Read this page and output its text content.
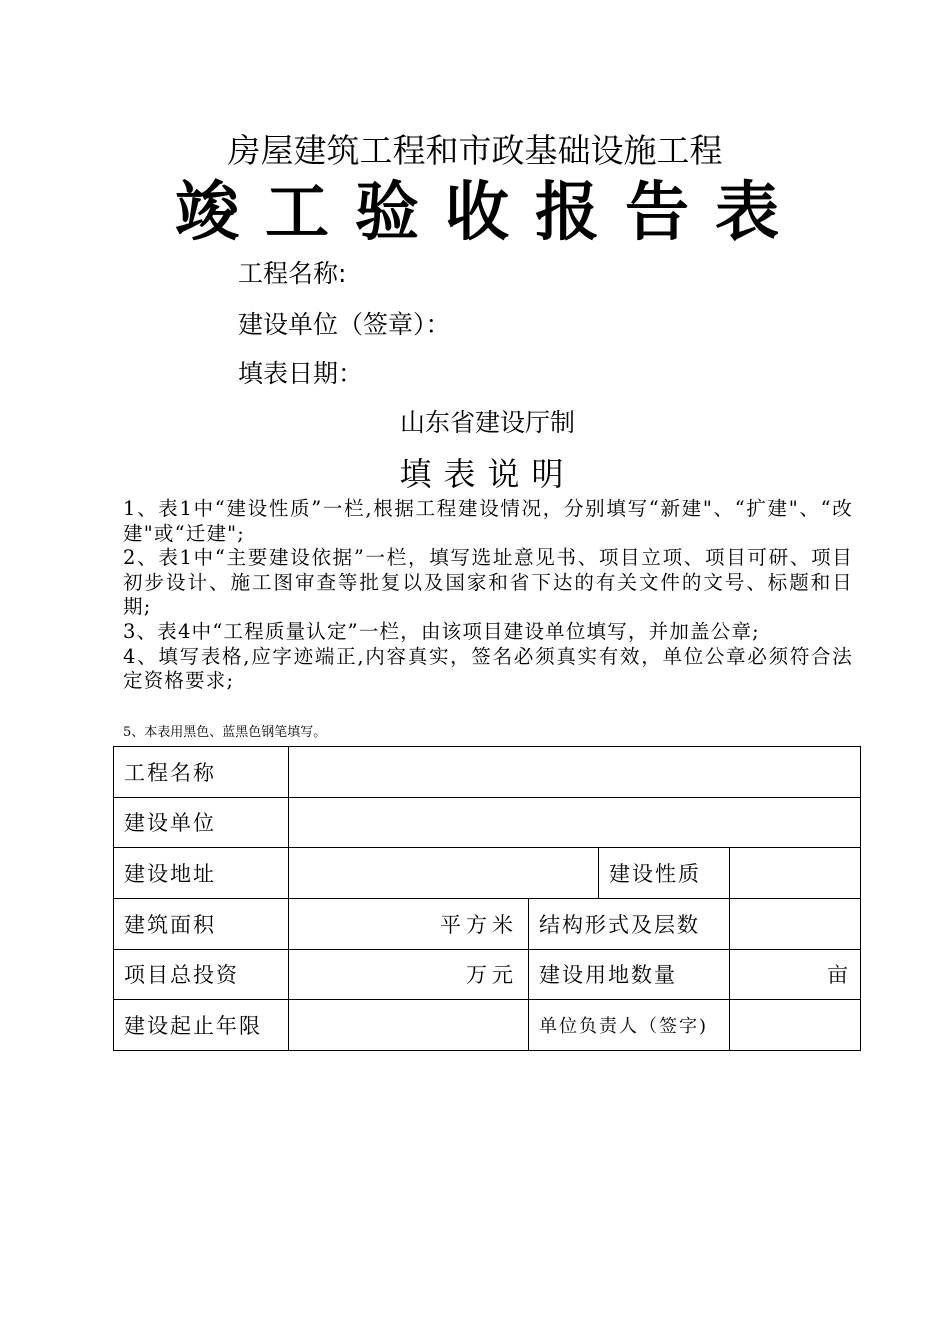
房屋建筑工程和市政基础设施工程
竣工验收报告表
工程名称:
建设单位（签章）：
填表日期：
山东省建设厅制
填表说明

1、表1中“建设性质”一栏,根据工程建设情况，分别填写“新建"、“扩建"、“改建"或“迁建";

2、表1中“主要建设依据”一栏，填写选址意见书、项目立项、项目可研、项目初步设计、施工图审查等批复以及国家和省下达的有关文件的文号、标题和日期;

3、表4中“工程质量认定”一栏，由该项目建设单位填写，并加盖公章;

4、填写表格,应字迹端正,内容真实，签名必须真实有效，单位公章必须符合法定资格要求;

5、本表用黑色、蓝黑色钢笔填写。
工程名称				
建设单位				
建设地址			建设性质	
建筑面积	平方米	结构形式及层数		
项目总投资	万元	建设用地数量		亩
建设起止年限		单位负责人（签字)		
